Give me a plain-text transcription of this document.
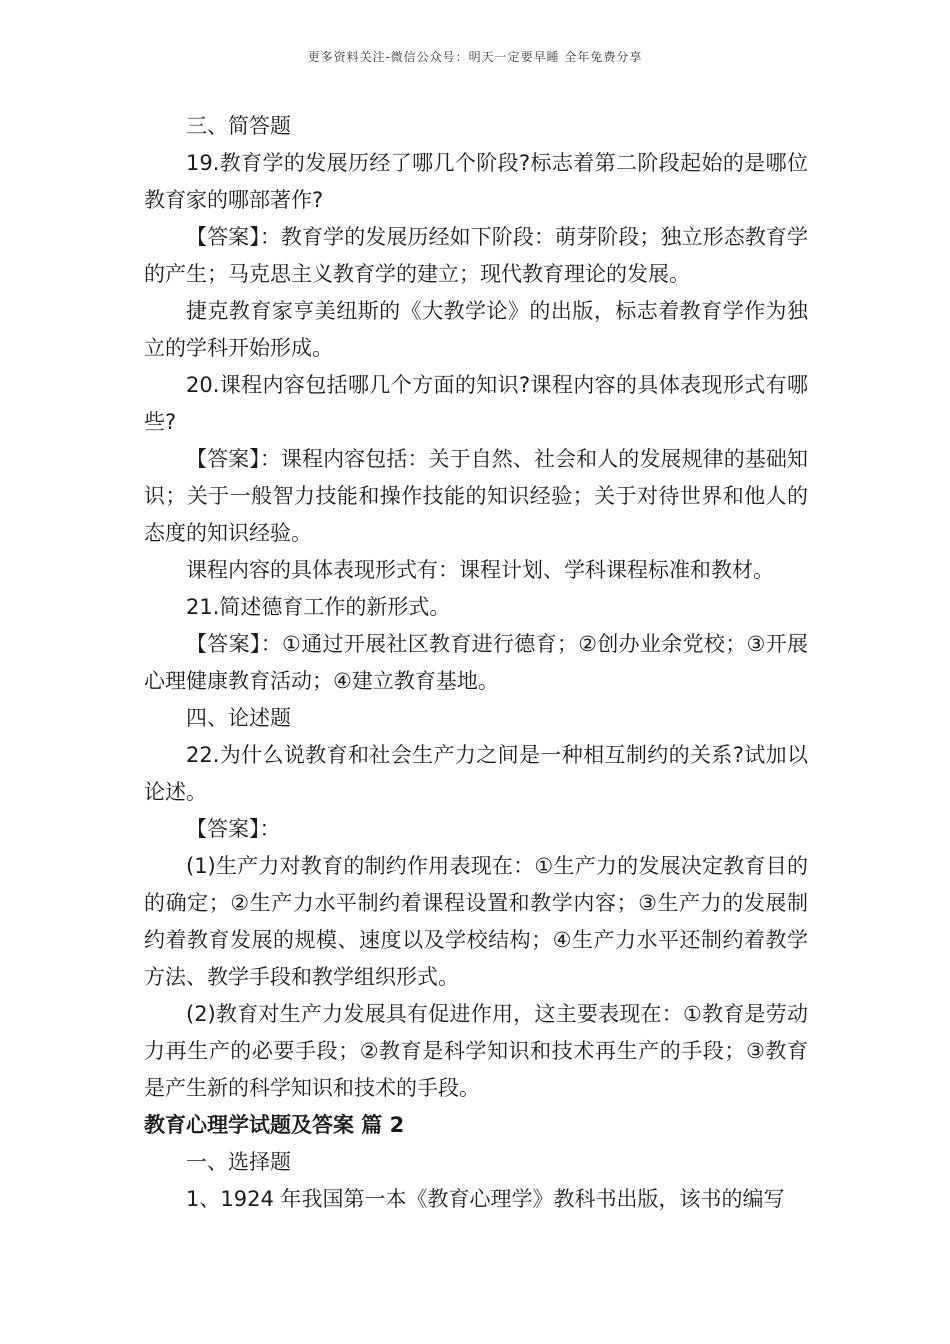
更多资料关注-微信公众号：明天一定要早睡 全年免费分享

三、简答题

19.教育学的发展历经了哪几个阶段?标志着第二阶段起始的是哪位教育家的哪部著作?

【答案】：教育学的发展历经如下阶段：萌芽阶段；独立形态教育学的产生；马克思主义教育学的建立；现代教育理论的发展。

捷克教育家亨美纽斯的《大教学论》的出版，标志着教育学作为独立的学科开始形成。

20.课程内容包括哪几个方面的知识?课程内容的具体表现形式有哪些?

【答案】：课程内容包括：关于自然、社会和人的发展规律的基础知识；关于一般智力技能和操作技能的知识经验；关于对待世界和他人的态度的知识经验。

课程内容的具体表现形式有：课程计划、学科课程标准和教材。

21.简述德育工作的新形式。

【答案】：①通过开展社区教育进行德育；②创办业余党校；③开展心理健康教育活动；④建立教育基地。

四、论述题

22.为什么说教育和社会生产力之间是一种相互制约的关系?试加以论述。

【答案】：

(1)生产力对教育的制约作用表现在：①生产力的发展决定教育目的的确定；②生产力水平制约着课程设置和教学内容；③生产力的发展制约着教育发展的规模、速度以及学校结构；④生产力水平还制约着教学方法、教学手段和教学组织形式。

(2)教育对生产力发展具有促进作用，这主要表现在：①教育是劳动力再生产的必要手段；②教育是科学知识和技术再生产的手段；③教育是产生新的科学知识和技术的手段。

教育心理学试题及答案 篇 2

一、选择题

1、1924 年我国第一本《教育心理学》教科书出版，该书的编写
